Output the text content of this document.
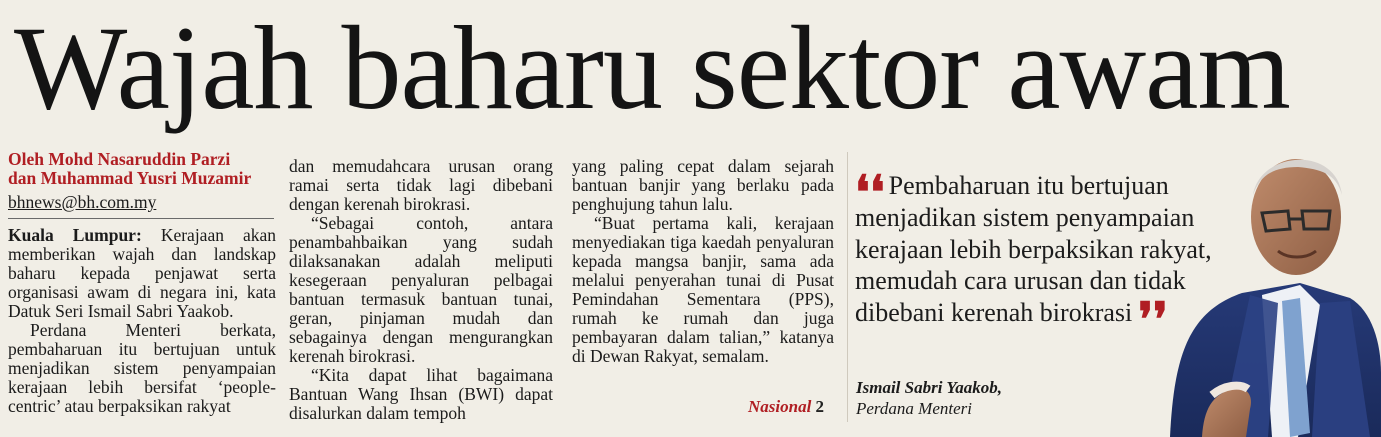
Wajah baharu sektor awam
Oleh Mohd Nasaruddin Parzi
dan Muhammad Yusri Muzamir
bhnews@bh.com.my

Kuala Lumpur: Kerajaan akan memberikan wajah dan landskap baharu kepada penjawat serta organisasi awam di negara ini, kata Datuk Seri Ismail Sabri Yaakob.

Perdana Menteri berkata, pembaharuan itu bertujuan untuk menjadikan sistem penyampaian kerajaan lebih bersifat ‘people-centric’ atau berpaksikan rakyat

dan memudahcara urusan orang ramai serta tidak lagi dibebani dengan kerenah birokrasi.

“Sebagai contoh, antara penambahbaikan yang sudah dilaksanakan adalah meliputi kesegeraan penyaluran pelbagai bantuan termasuk bantuan tunai, geran, pinjaman mudah dan sebagainya dengan mengurangkan kerenah birokrasi.

“Kita dapat lihat bagaimana Bantuan Wang Ihsan (BWI) dapat disalurkan dalam tempoh

yang paling cepat dalam sejarah bantuan banjir yang berlaku pada penghujung tahun lalu.

“Buat pertama kali, kerajaan menyediakan tiga kaedah penyaluran kepada mangsa banjir, sama ada melalui penyerahan tunai di Pusat Pemindahan Sementara (PPS), rumah ke rumah dan juga pembayaran dalam talian,” katanya di Dewan Rakyat, semalam.

Nasional 2
❛❛ Pembaharuan itu bertujuan menjadikan sistem penyampaian kerajaan lebih berpaksikan rakyat, memudah cara urusan dan tidak dibebani kerenah birokrasi ❜❜
Ismail Sabri Yaakob,
Perdana Menteri
